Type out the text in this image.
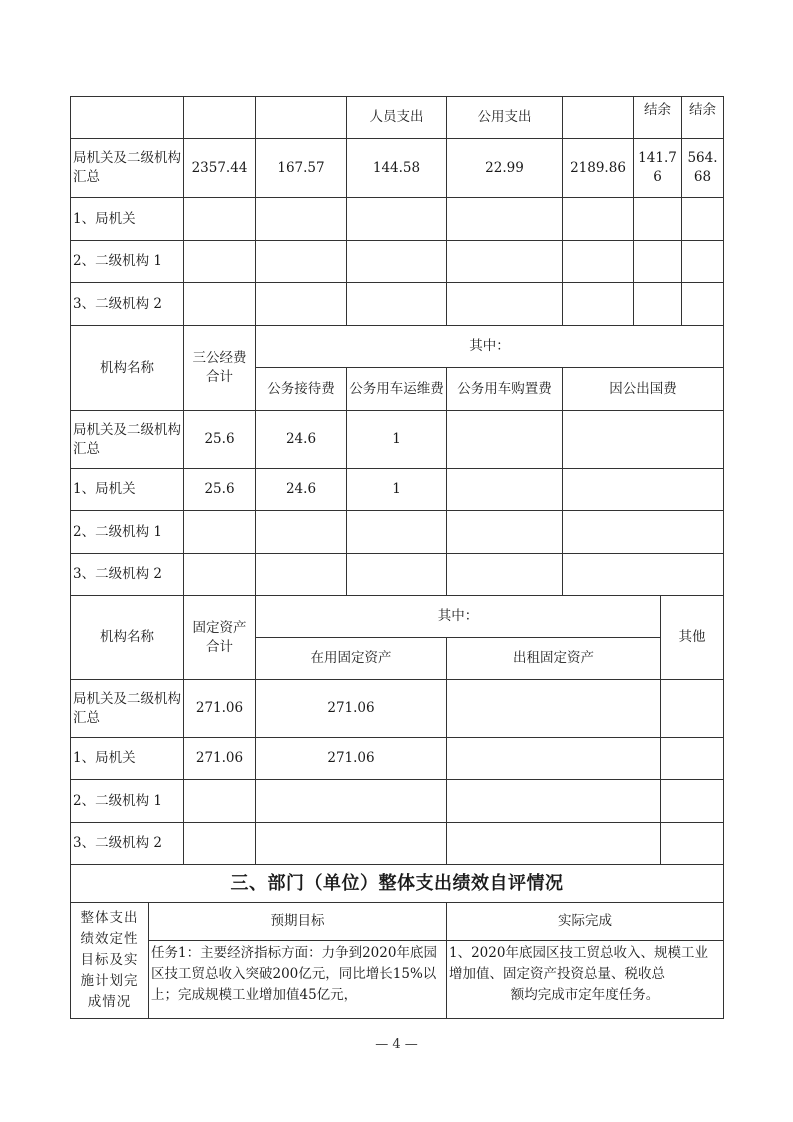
			人员支出	公用支出		结余	结余
局机关及二级机构汇总	2357.44	167.57	144.58	22.99	2189.86	141.76	564.68
1、局机关							
2、二级机构 1							
3、二级机构 2							
机构名称	三公经费合计	其中：			
		公务接待费	公务用车运维费	公务用车购置费	因公出国费
局机关及二级机构汇总	25.6	24.6	1		
1、局机关	25.6	24.6	1		
2、二级机构 1					
3、二级机构 2					
机构名称	固定资产合计	其中：		其他
		在用固定资产	出租固定资产	
局机关及二级机构汇总	271.06	271.06		
1、局机关	271.06	271.06		
2、二级机构 1				
3、二级机构 2				
三、部门（单位）整体支出绩效自评情况		
整体支出绩效定性目标及实施计划完成情况	预期目标	实际完成
	任务1：主要经济指标方面：力争到2020年底园区技工贸总收入突破200亿元，同比增长15%以上；完成规模工业增加值45亿元，	1、2020年底园区技工贸总收入、规模工业增加值、固定资产投资总量、税收总
额均完成市定年度任务。
— 4 —
